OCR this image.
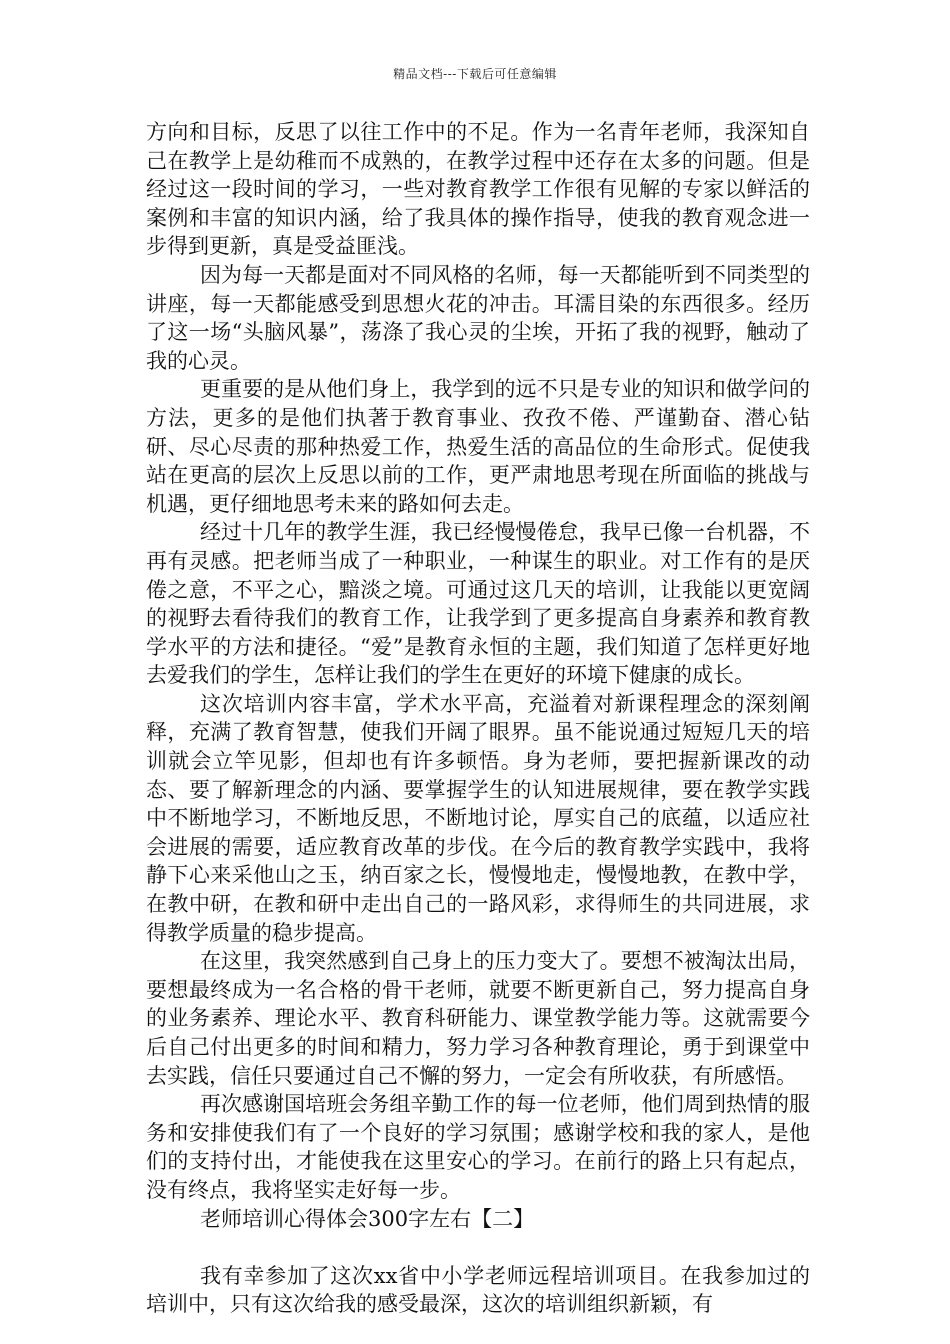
精品文档---下载后可任意编辑

方向和目标，反思了以往工作中的不足。作为一名青年老师，我深知自己在教学上是幼稚而不成熟的，在教学过程中还存在太多的问题。但是经过这一段时间的学习，一些对教育教学工作很有见解的专家以鲜活的案例和丰富的知识内涵，给了我具体的操作指导，使我的教育观念进一步得到更新，真是受益匪浅。

因为每一天都是面对不同风格的名师，每一天都能听到不同类型的讲座，每一天都能感受到思想火花的冲击。耳濡目染的东西很多。经历了这一场“头脑风暴”，荡涤了我心灵的尘埃，开拓了我的视野，触动了我的心灵。

更重要的是从他们身上，我学到的远不只是专业的知识和做学问的方法，更多的是他们执著于教育事业、孜孜不倦、严谨勤奋、潜心钻研、尽心尽责的那种热爱工作，热爱生活的高品位的生命形式。促使我站在更高的层次上反思以前的工作，更严肃地思考现在所面临的挑战与机遇，更仔细地思考未来的路如何去走。

经过十几年的教学生涯，我已经慢慢倦怠，我早已像一台机器，不再有灵感。把老师当成了一种职业，一种谋生的职业。对工作有的是厌倦之意，不平之心，黯淡之境。可通过这几天的培训，让我能以更宽阔的视野去看待我们的教育工作，让我学到了更多提高自身素养和教育教学水平的方法和捷径。“爱”是教育永恒的主题，我们知道了怎样更好地去爱我们的学生，怎样让我们的学生在更好的环境下健康的成长。

这次培训内容丰富，学术水平高，充溢着对新课程理念的深刻阐释，充满了教育智慧，使我们开阔了眼界。虽不能说通过短短几天的培训就会立竿见影，但却也有许多顿悟。身为老师，要把握新课改的动态、要了解新理念的内涵、要掌握学生的认知进展规律，要在教学实践中不断地学习，不断地反思，不断地讨论，厚实自己的底蕴，以适应社会进展的需要，适应教育改革的步伐。在今后的教育教学实践中，我将静下心来采他山之玉，纳百家之长，慢慢地走，慢慢地教，在教中学，在教中研，在教和研中走出自己的一路风彩，求得师生的共同进展，求得教学质量的稳步提高。

在这里，我突然感到自己身上的压力变大了。要想不被淘汰出局，要想最终成为一名合格的骨干老师，就要不断更新自己，努力提高自身的业务素养、理论水平、教育科研能力、课堂教学能力等。这就需要今后自己付出更多的时间和精力，努力学习各种教育理论，勇于到课堂中去实践，信任只要通过自己不懈的努力，一定会有所收获，有所感悟。

再次感谢国培班会务组辛勤工作的每一位老师，他们周到热情的服务和安排使我们有了一个良好的学习氛围；感谢学校和我的家人，是他们的支持付出，才能使我在这里安心的学习。在前行的路上只有起点，没有终点，我将坚实走好每一步。

老师培训心得体会300字左右【二】

我有幸参加了这次xx省中小学老师远程培训项目。在我参加过的培训中，只有这次给我的感受最深，这次的培训组织新颖，有
